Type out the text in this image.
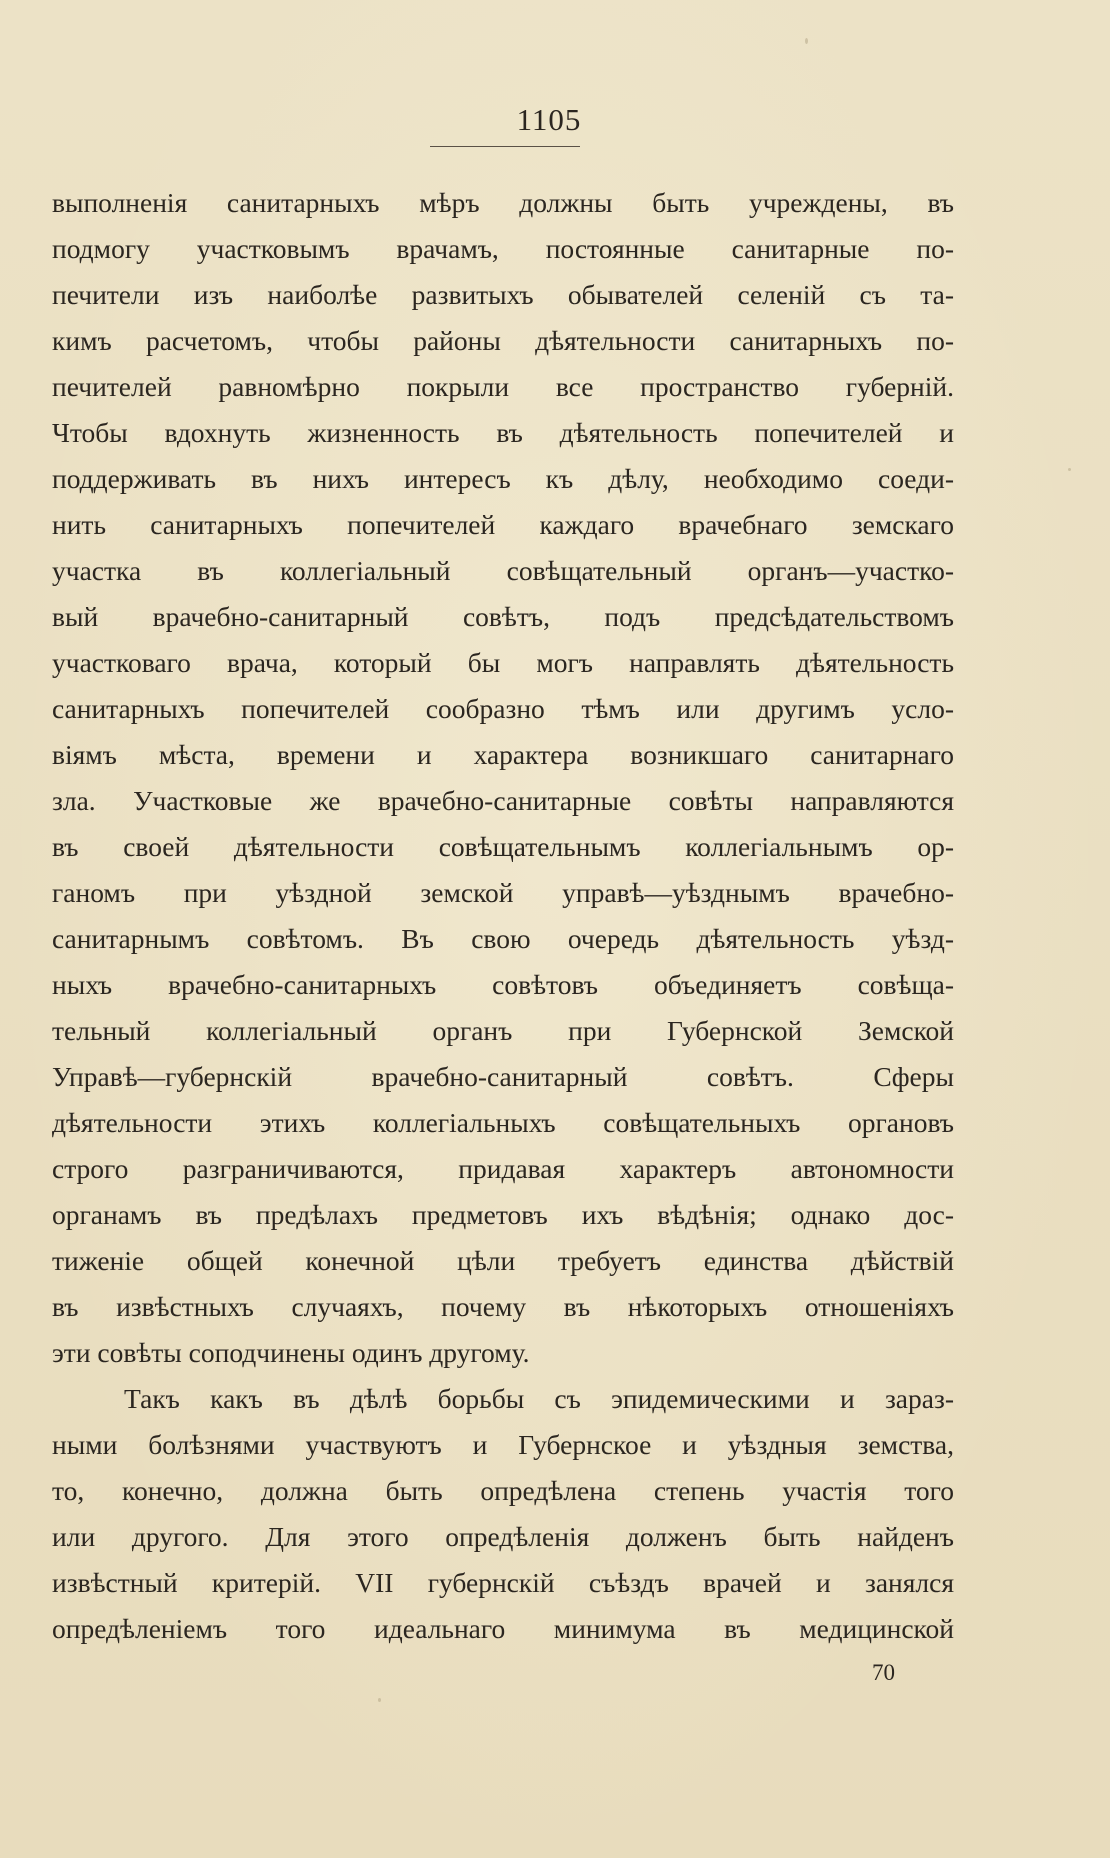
1105
выполненія санитарныхъ мѣръ должны быть учреждены, въ
подмогу участковымъ врачамъ, постоянные санитарные по-
печители изъ наиболѣе развитыхъ обывателей селеній съ та-
кимъ расчетомъ, чтобы районы дѣятельности санитарныхъ по-
печителей равномѣрно покрыли все пространство губерній.
Чтобы вдохнуть жизненность въ дѣятельность попечителей и
поддерживать въ нихъ интересъ къ дѣлу, необходимо соеди-
нить санитарныхъ попечителей каждаго врачебнаго земскаго
участка въ коллегіальный совѣщательный органъ—участко-
вый врачебно-санитарный совѣтъ, подъ предсѣдательствомъ
участковаго врача, который бы могъ направлять дѣятельность
санитарныхъ попечителей сообразно тѣмъ или другимъ усло-
віямъ мѣста, времени и характера возникшаго санитарнаго
зла. Участковые же врачебно-санитарные совѣты направляются
въ своей дѣятельности совѣщательнымъ коллегіальнымъ ор-
ганомъ при уѣздной земской управѣ—уѣзднымъ врачебно-
санитарнымъ совѣтомъ. Въ свою очередь дѣятельность уѣзд-
ныхъ врачебно-санитарныхъ совѣтовъ объединяетъ совѣща-
тельный коллегіальный органъ при Губернской Земской
Управѣ—губернскій врачебно-санитарный совѣтъ. Сферы
дѣятельности этихъ коллегіальныхъ совѣщательныхъ органовъ
строго разграничиваются, придавая характеръ автономности
органамъ въ предѣлахъ предметовъ ихъ вѣдѣнія; однако дос-
тиженіе общей конечной цѣли требуетъ единства дѣйствій
въ извѣстныхъ случаяхъ, почему въ нѣкоторыхъ отношеніяхъ
эти совѣты соподчинены одинъ другому.
Такъ какъ въ дѣлѣ борьбы съ эпидемическими и зараз-
ными болѣзнями участвуютъ и Губернское и уѣздныя земства,
то, конечно, должна быть опредѣлена степень участія того
или другого. Для этого опредѣленія долженъ быть найденъ
извѣстный критерій. VII губернскій съѣздъ врачей и занялся
опредѣленіемъ того идеальнаго минимума въ медицинской
70
